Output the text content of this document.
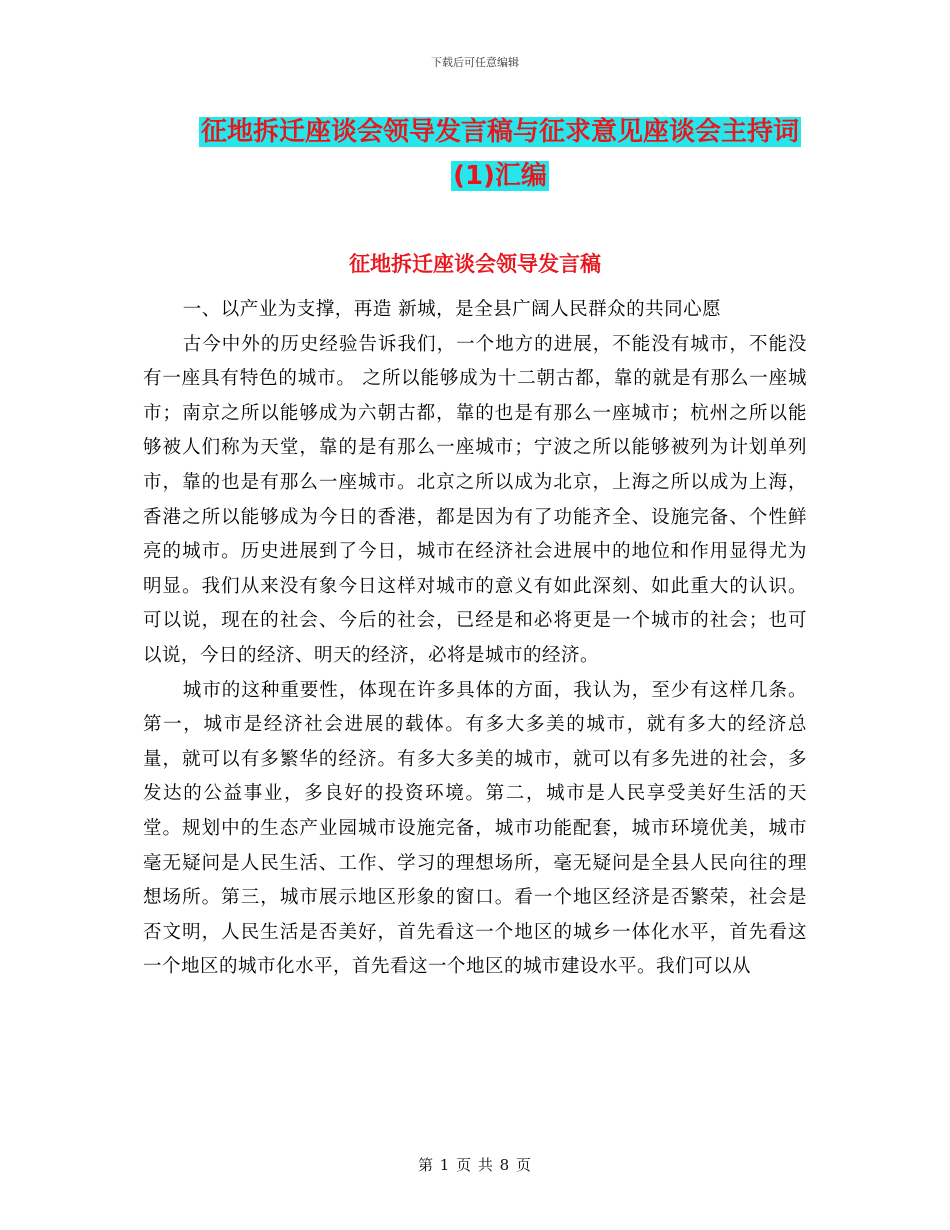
下载后可任意编辑
征地拆迁座谈会领导发言稿与征求意见座谈会主持词
(1)汇编
征地拆迁座谈会领导发言稿

一、以产业为支撑，再造 新城，是全县广阔人民群众的共同心愿

古今中外的历史经验告诉我们，一个地方的进展，不能没有城市，不能没有一座具有特色的城市。 之所以能够成为十二朝古都，靠的就是有那么一座城市；南京之所以能够成为六朝古都，靠的也是有那么一座城市；杭州之所以能够被人们称为天堂，靠的是有那么一座城市；宁波之所以能够被列为计划单列市，靠的也是有那么一座城市。北京之所以成为北京，上海之所以成为上海，香港之所以能够成为今日的香港，都是因为有了功能齐全、设施完备、个性鲜亮的城市。历史进展到了今日，城市在经济社会进展中的地位和作用显得尤为明显。我们从来没有象今日这样对城市的意义有如此深刻、如此重大的认识。可以说，现在的社会、今后的社会，已经是和必将更是一个城市的社会；也可以说，今日的经济、明天的经济，必将是城市的经济。

城市的这种重要性，体现在许多具体的方面，我认为，至少有这样几条。第一，城市是经济社会进展的载体。有多大多美的城市，就有多大的经济总量，就可以有多繁华的经济。有多大多美的城市，就可以有多先进的社会，多发达的公益事业，多良好的投资环境。第二，城市是人民享受美好生活的天堂。规划中的生态产业园城市设施完备，城市功能配套，城市环境优美，城市毫无疑问是人民生活、工作、学习的理想场所，毫无疑问是全县人民向往的理想场所。第三，城市展示地区形象的窗口。看一个地区经济是否繁荣，社会是否文明，人民生活是否美好，首先看这一个地区的城乡一体化水平，首先看这一个地区的城市化水平，首先看这一个地区的城市建设水平。我们可以从

第 1 页 共 8 页
